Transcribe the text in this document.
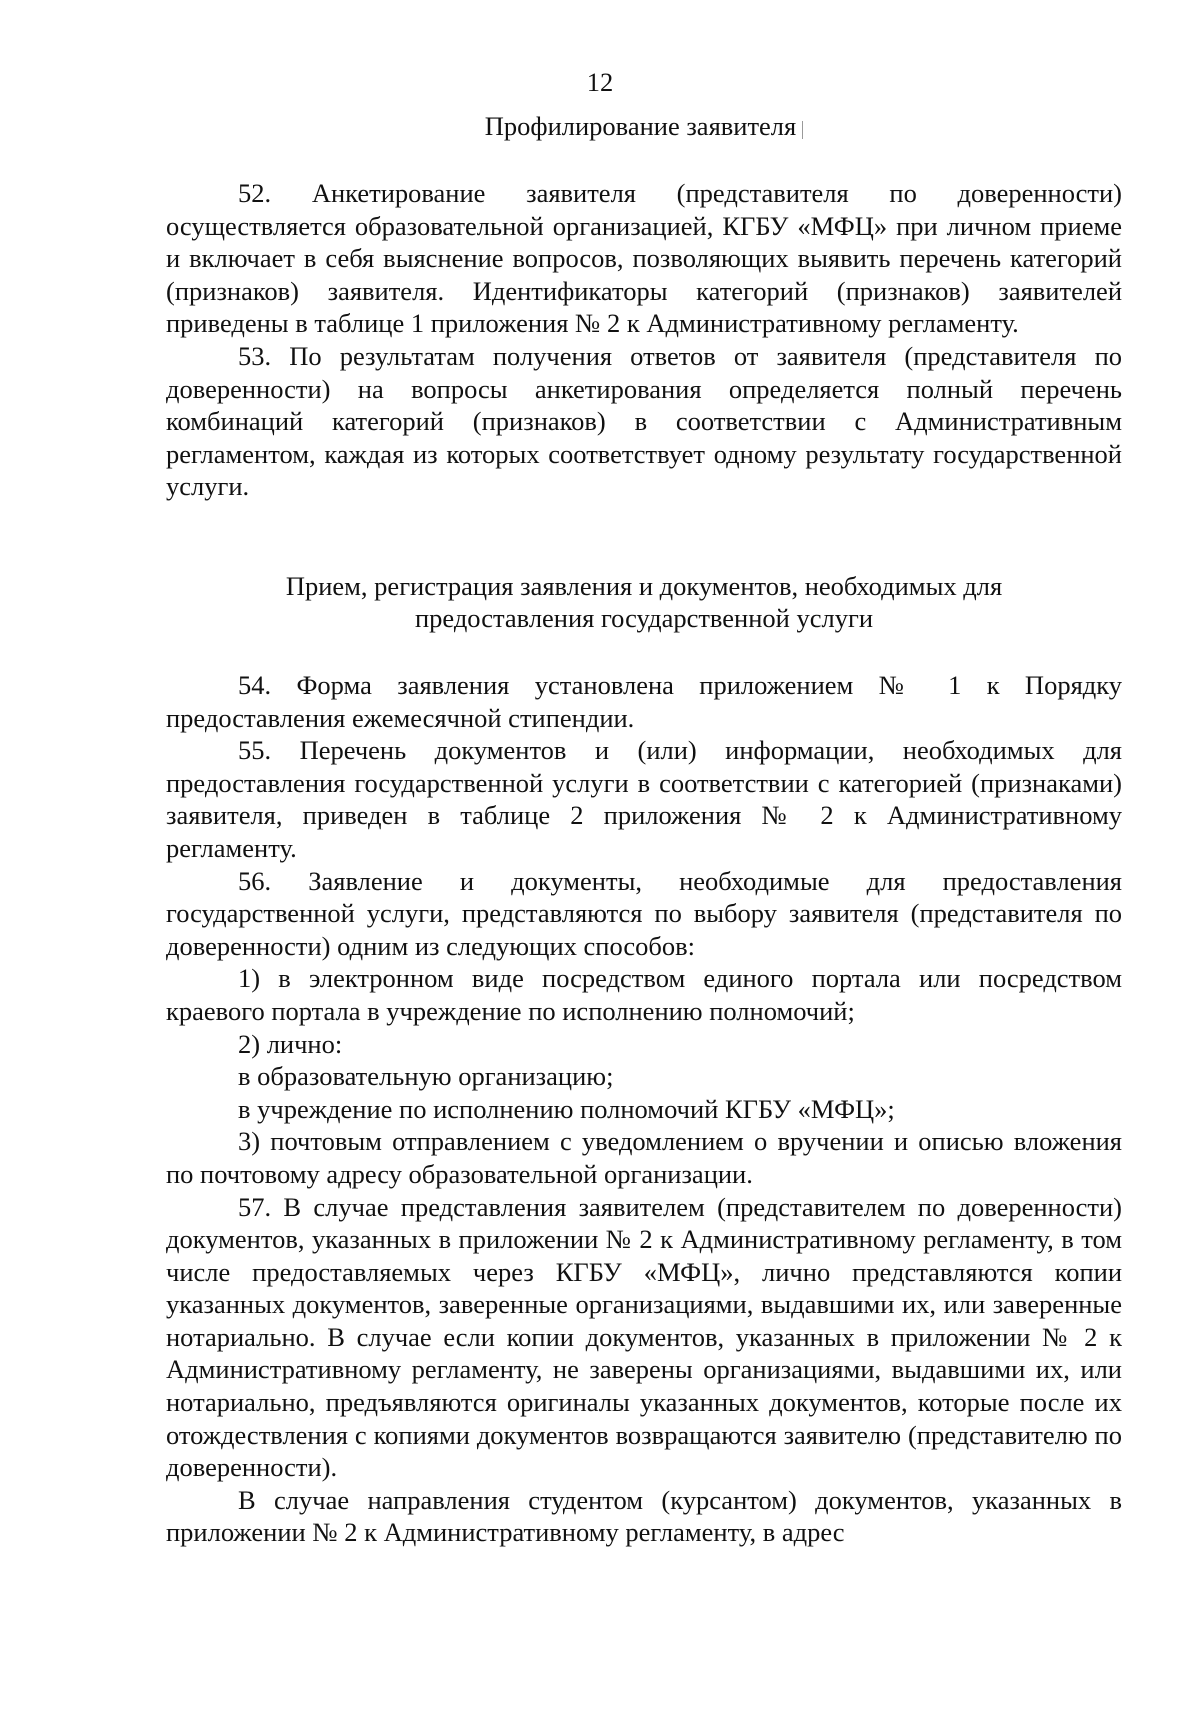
12
Профилирование заявителя

52. Анкетирование заявителя (представителя по доверенности) осуществляется образовательной организацией, КГБУ «МФЦ» при личном приеме и включает в себя выяснение вопросов, позволяющих выявить перечень категорий (признаков) заявителя. Идентификаторы категорий (признаков) заявителей приведены в таблице 1 приложения № 2 к Административному регламенту.

53. По результатам получения ответов от заявителя (представителя по доверенности) на вопросы анкетирования определяется полный перечень комбинаций категорий (признаков) в соответствии с Административным регламентом, каждая из которых соответствует одному результату государственной услуги.

Прием, регистрация заявления и документов, необходимых для
предоставления государственной услуги

54. Форма заявления установлена приложением № 1 к Порядку предоставления ежемесячной стипендии.

55. Перечень документов и (или) информации, необходимых для предоставления государственной услуги в соответствии с категорией (признаками) заявителя, приведен в таблице 2 приложения № 2 к Административному регламенту.

56. Заявление и документы, необходимые для предоставления государственной услуги, представляются по выбору заявителя (представителя по доверенности) одним из следующих способов:

1) в электронном виде посредством единого портала или посредством краевого портала в учреждение по исполнению полномочий;

2) лично:

в образовательную организацию;

в учреждение по исполнению полномочий КГБУ «МФЦ»;

3) почтовым отправлением с уведомлением о вручении и описью вложения по почтовому адресу образовательной организации.

57. В случае представления заявителем (представителем по доверенности) документов, указанных в приложении № 2 к Административному регламенту, в том числе предоставляемых через КГБУ «МФЦ», лично представляются копии указанных документов, заверенные организациями, выдавшими их, или заверенные нотариально. В случае если копии документов, указанных в приложении № 2 к Административному регламенту, не заверены организациями, выдавшими их, или нотариально, предъявляются оригиналы указанных документов, которые после их отождествления с копиями документов возвращаются заявителю (представителю по доверенности).

В случае направления студентом (курсантом) документов, указанных в приложении № 2 к Административному регламенту, в адрес
